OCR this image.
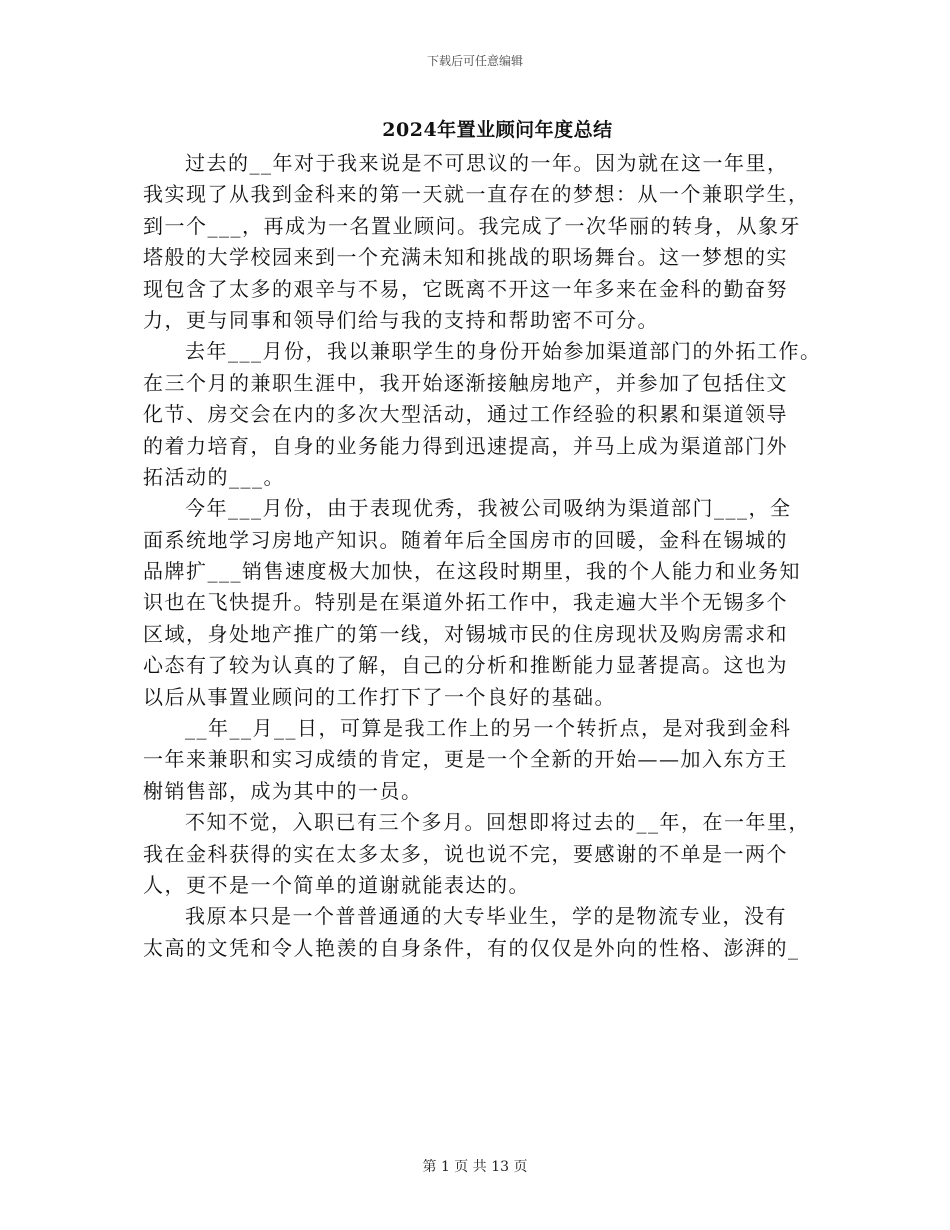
下载后可任意编辑
2024年置业顾问年度总结
过去的__年对于我来说是不可思议的一年。因为就在这一年里，
我实现了从我到金科来的第一天就一直存在的梦想：从一个兼职学生，
到一个___，再成为一名置业顾问。我完成了一次华丽的转身，从象牙
塔般的大学校园来到一个充满未知和挑战的职场舞台。这一梦想的实
现包含了太多的艰辛与不易，它既离不开这一年多来在金科的勤奋努
力，更与同事和领导们给与我的支持和帮助密不可分。
去年___月份，我以兼职学生的身份开始参加渠道部门的外拓工作。
在三个月的兼职生涯中，我开始逐渐接触房地产，并参加了包括住文
化节、房交会在内的多次大型活动，通过工作经验的积累和渠道领导
的着力培育，自身的业务能力得到迅速提高，并马上成为渠道部门外
拓活动的___。
今年___月份，由于表现优秀，我被公司吸纳为渠道部门___，全
面系统地学习房地产知识。随着年后全国房市的回暖，金科在锡城的
品牌扩___销售速度极大加快，在这段时期里，我的个人能力和业务知
识也在飞快提升。特别是在渠道外拓工作中，我走遍大半个无锡多个
区域，身处地产推广的第一线，对锡城市民的住房现状及购房需求和
心态有了较为认真的了解，自己的分析和推断能力显著提高。这也为
以后从事置业顾问的工作打下了一个良好的基础。
__年__月__日，可算是我工作上的另一个转折点，是对我到金科
一年来兼职和实习成绩的肯定，更是一个全新的开始——加入东方王
榭销售部，成为其中的一员。
不知不觉，入职已有三个多月。回想即将过去的__年，在一年里，
我在金科获得的实在太多太多，说也说不完，要感谢的不单是一两个
人，更不是一个简单的道谢就能表达的。
我原本只是一个普普通通的大专毕业生，学的是物流专业，没有
太高的文凭和令人艳羡的自身条件，有的仅仅是外向的性格、澎湃的_
第 1 页 共 13 页
